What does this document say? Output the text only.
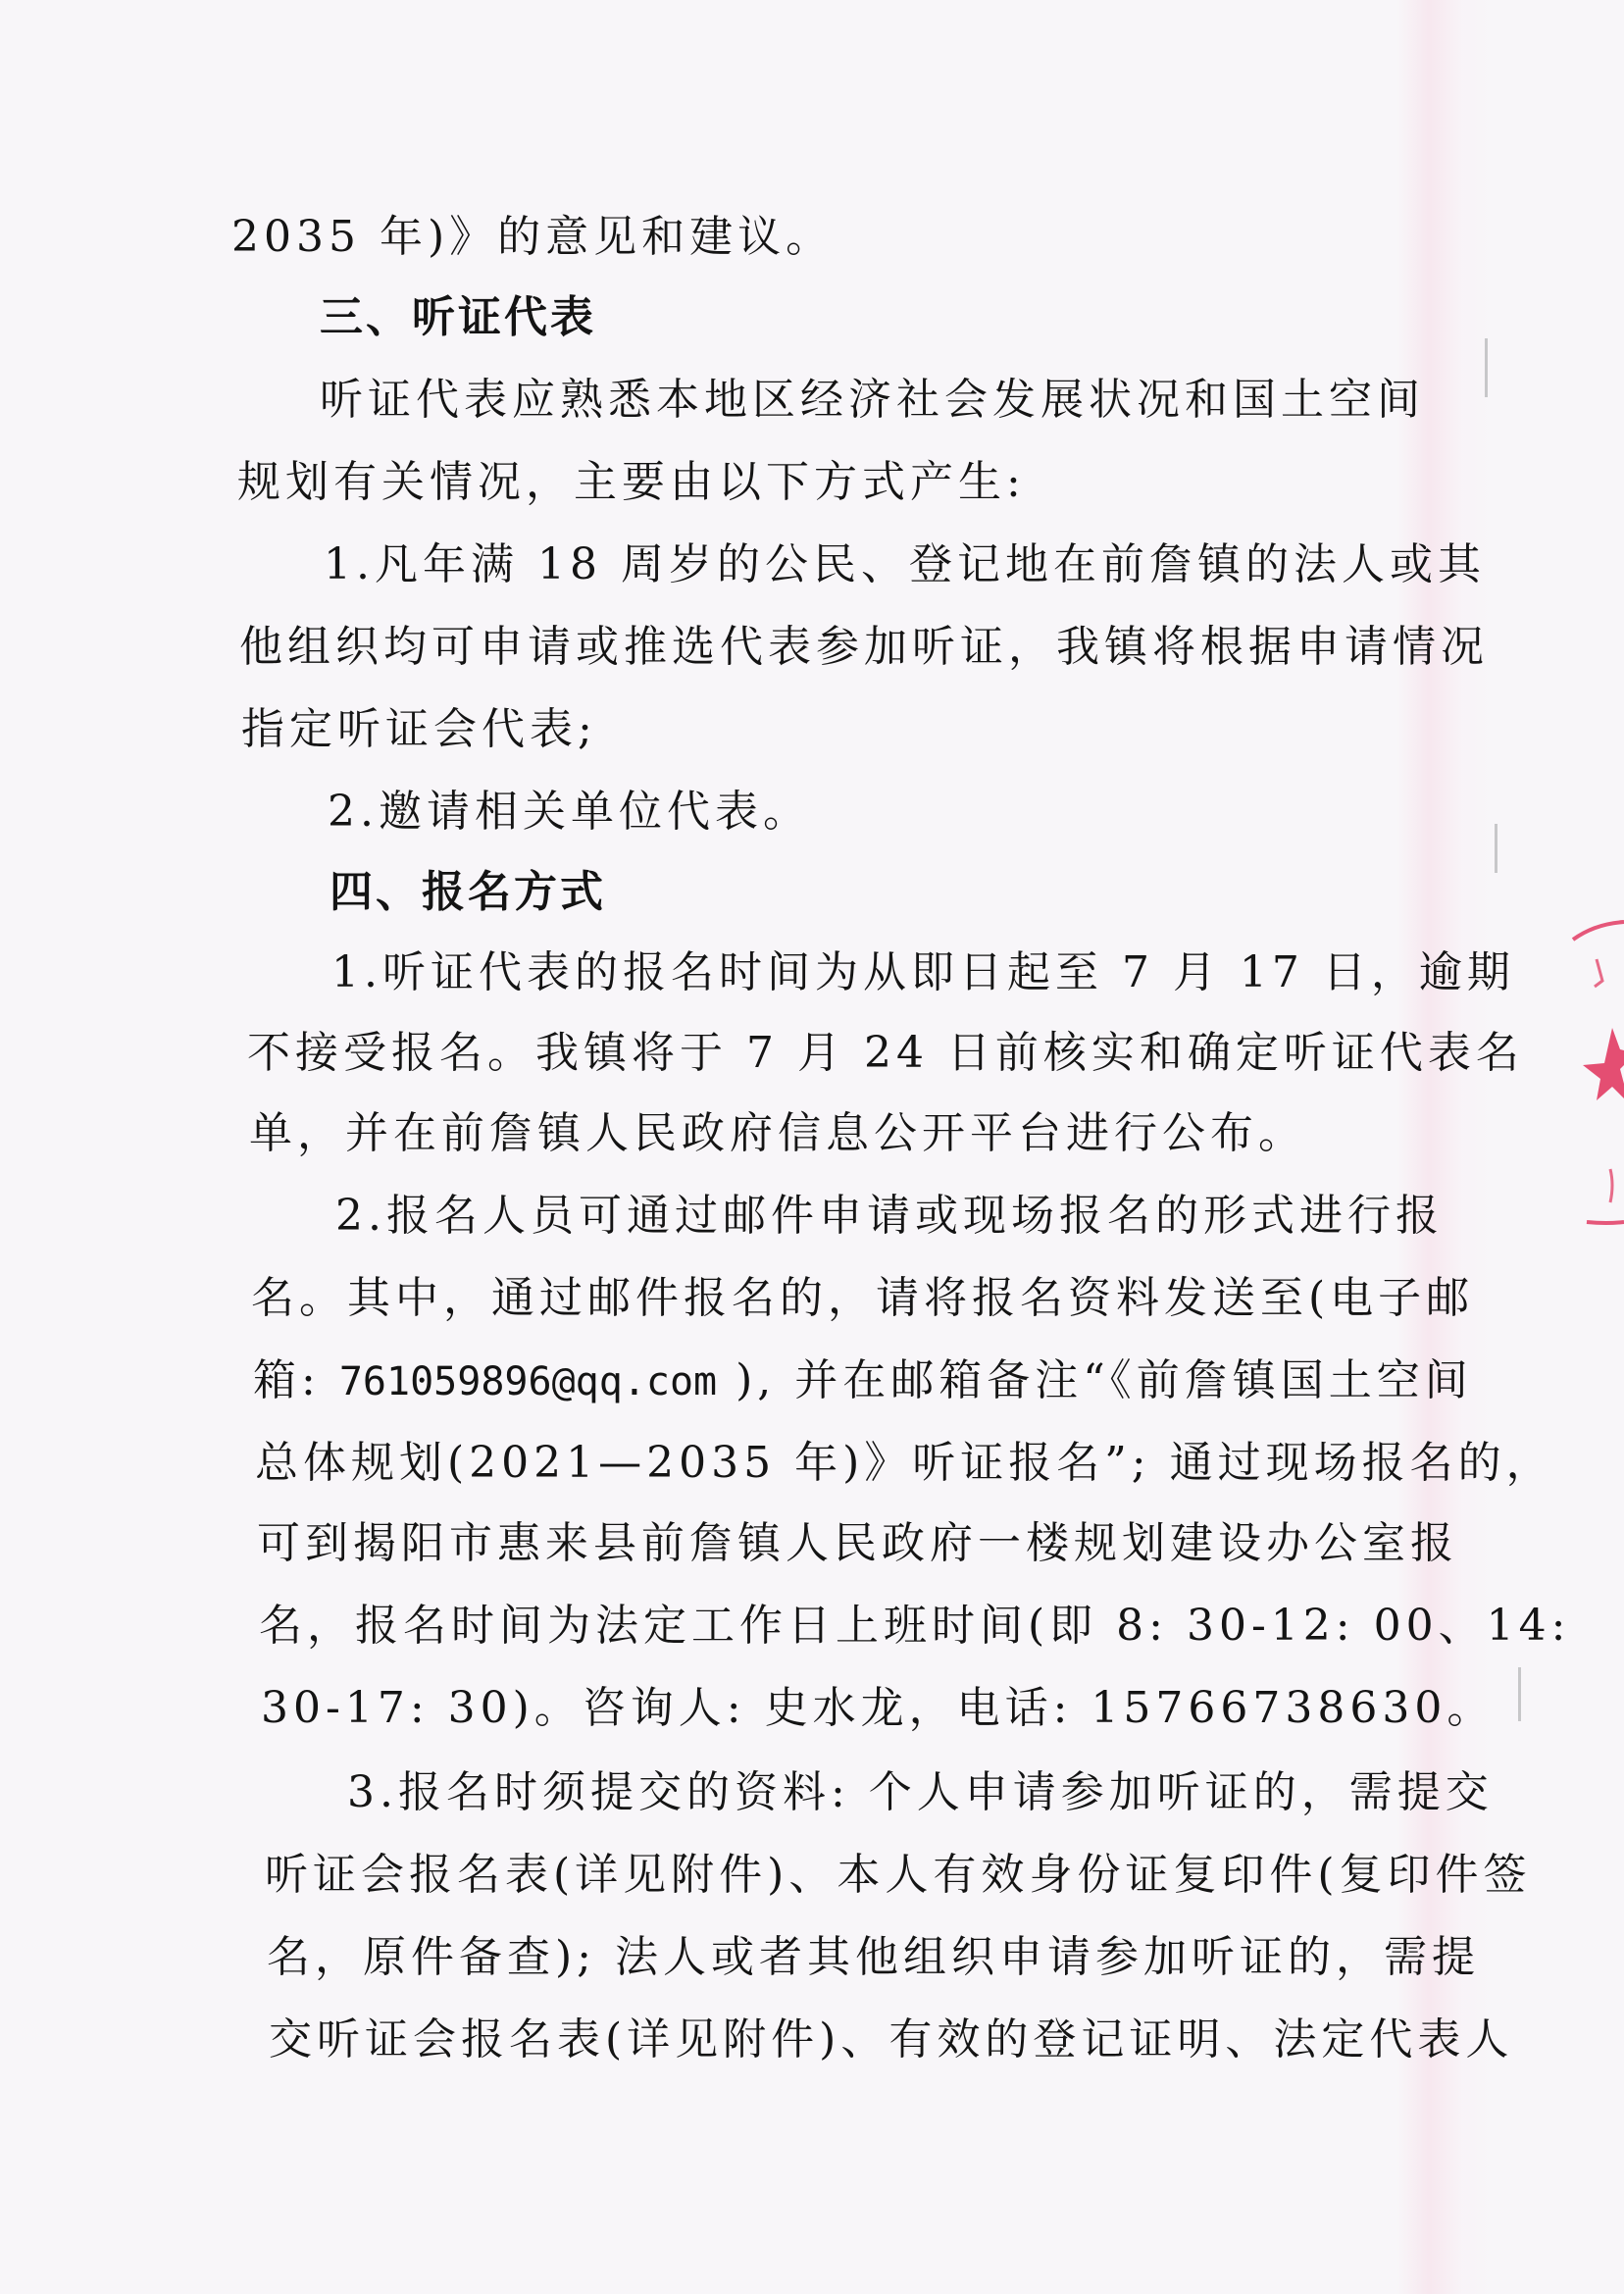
2035 年)》的意见和建议。
三、听证代表
听证代表应熟悉本地区经济社会发展状况和国土空间
规划有关情况，主要由以下方式产生:
1.凡年满 18 周岁的公民、登记地在前詹镇的法人或其
他组织均可申请或推选代表参加听证，我镇将根据申请情况
指定听证会代表;
2.邀请相关单位代表。
四、报名方式
1.听证代表的报名时间为从即日起至 7 月 17 日，逾期
不接受报名。我镇将于 7 月 24 日前核实和确定听证代表名
单，并在前詹镇人民政府信息公开平台进行公布。
2.报名人员可通过邮件申请或现场报名的形式进行报
名。其中，通过邮件报名的，请将报名资料发送至(电子邮
箱: 761059896@qq.com ), 并在邮箱备注“《前詹镇国土空间
总体规划(2021—2035 年)》听证报名”; 通过现场报名的，
可到揭阳市惠来县前詹镇人民政府一楼规划建设办公室报
名，报名时间为法定工作日上班时间(即 8: 30-12: 00、14:
30-17: 30)。咨询人: 史水龙，电话: 15766738630。
3.报名时须提交的资料: 个人申请参加听证的，需提交
听证会报名表(详见附件)、本人有效身份证复印件(复印件签
名，原件备查); 法人或者其他组织申请参加听证的，需提
交听证会报名表(详见附件)、有效的登记证明、法定代表人
